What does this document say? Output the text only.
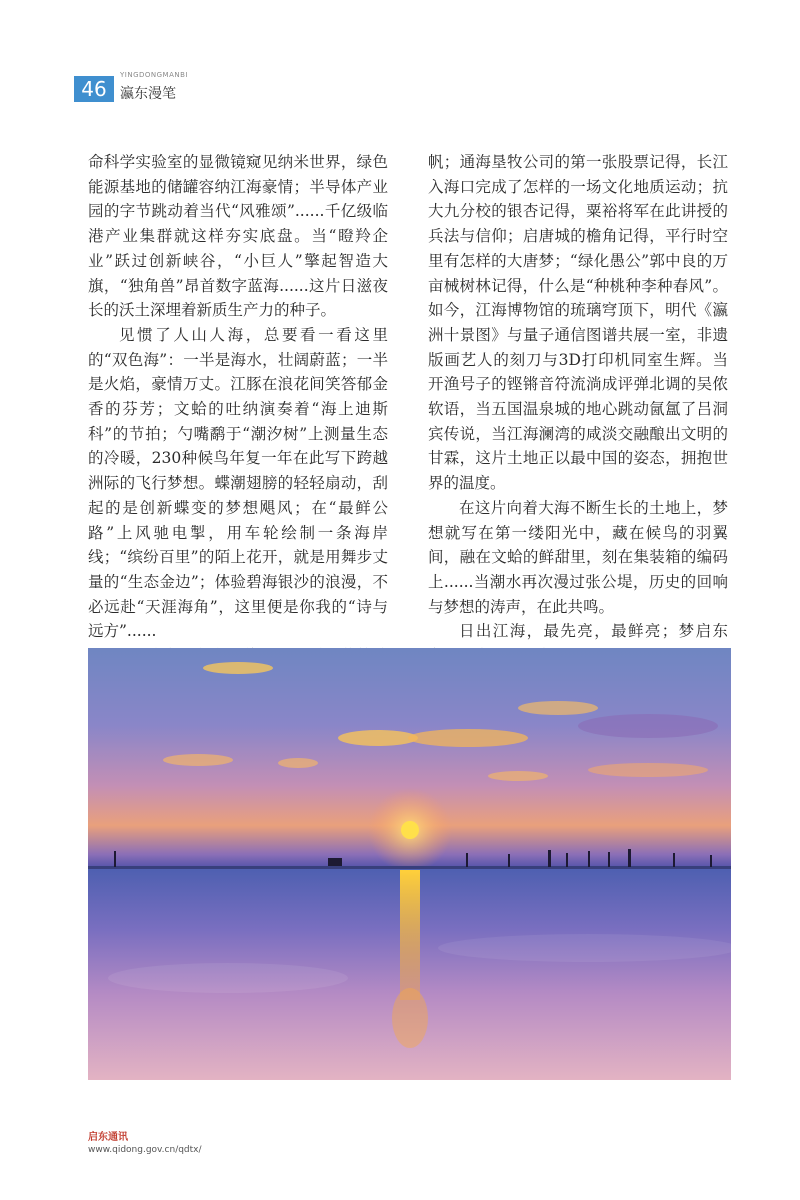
46
YINGDONGMANBI
瀛东漫笔

命科学实验室的显微镜窥见纳米世界，绿色能源基地的储罐容纳江海豪情；半导体产业园的字节跳动着当代“风雅颂”......千亿级临港产业集群就这样夯实底盘。当“瞪羚企业”跃过创新峡谷，“小巨人”擎起智造大旗，“独角兽”昂首数字蓝海......这片日滋夜长的沃土深埋着新质生产力的种子。

见惯了人山人海，总要看一看这里的“双色海”：一半是海水，壮阔蔚蓝；一半是火焰，豪情万丈。江豚在浪花间笑答郁金香的芬芳；文蛤的吐纳演奏着“海上迪斯科”的节拍；勺嘴鹬于“潮汐树”上测量生态的冷暖，230种候鸟年复一年在此写下跨越洲际的飞行梦想。蝶潮翅膀的轻轻扇动，刮起的是创新蝶变的梦想飓风；在“最鲜公路”上风驰电掣，用车轮绘制一条海岸线；“缤纷百里”的陌上花开，就是用舞步丈量的“生态金边”；体验碧海银沙的浪漫，不必远赴“天涯海角”，这里便是你我的“诗与远方”......

帆；通海垦牧公司的第一张股票记得，长江入海口完成了怎样的一场文化地质运动；抗大九分校的银杏记得，粟裕将军在此讲授的兵法与信仰；启唐城的檐角记得，平行时空里有怎样的大唐梦；“绿化愚公”郭中良的万亩械树林记得，什么是“种桃种李种春风”。如今，江海博物馆的琉璃穹顶下，明代《瀛洲十景图》与量子通信图谱共展一室，非遗版画艺人的刻刀与3D打印机同室生辉。当开渔号子的铿锵音符流淌成评弹北调的吴侬软语，当五国温泉城的地心跳动氤氲了吕洞宾传说，当江海澜湾的咸淡交融酿出文明的甘霖，这片土地正以最中国的姿态，拥抱世界的温度。

在这片向着大海不断生长的土地上，梦想就写在第一缕阳光中，藏在候鸟的羽翼间，融在文蛤的鲜甜里，刻在集装箱的编码上......当潮水再次漫过张公堤，历史的回响与梦想的涛声，在此共鸣。

日出江海，最先亮，最鲜亮；梦启东

启东通讯
www.qidong.gov.cn/qdtx/
